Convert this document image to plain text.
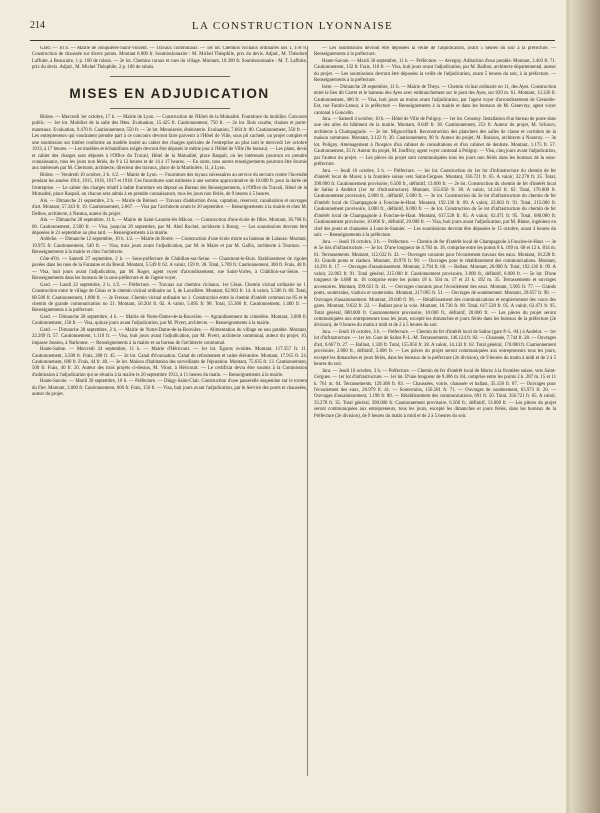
214	LA CONSTRUCTION LYONNAISE

Gard. — 10 h. — Mairie de Jonquières-Saint-Vincent. — Travaux communaux. — 1er lot. Chemins vicinaux ordinaires nos 1, 4 et 8. Construction de chaussée sur divers points. Montant 6.800 fr. Soumissionnaire : M. Michel Théophile, prix du devis. Adjud., M. Théodore Laffuite, à Beaucaire, 1 p. 100 de rabais. — 2e lot. Chemins ruraux et rues du village. Montant, 10.300 fr. Soumissionnaire : M. T. Laffuite, prix du devis. Adjud., M. Michel Théophile, 2 p. 100 de rabais.

MISES EN ADJUDICATION

Rhône. — Mercredi 1er octobre, 17 h. — Mairie de Lyon. — Construction de l'Hôtel de la Mutualité. Fourniture du mobilier. Concours public. — 1er lot. Mobilier de la salle des fêtes. Evaluation, 15.425 fr. Cautionnement, 750 fr. — 2e lot. Bois courbe, chaises et porte-manteaux. Evaluation, 9.470 fr. Cautionnement, 550 fr. — 3e lot. Menuiserie, ébénisterie. Evaluation, 7.664 fr. 80. Cautionnement, 350 fr. — Les entrepreneurs qui voudraient prendre part à ce concours devront faire parvenir à l'Hôtel de Ville, sous pli cacheté, un projet complet et une soumission sur timbre conforme au modèle inséré au cahier des charges spéciales de l'entreprise au plus tard le mercredi 1er octobre 1913, à 17 heures. — Les modèles et échantillons exigés devront être déposés le même jour à l'Hôtel de Ville (6e bureau). — Les plans, devis et cahier des charges sont déposés à l'Office du Travail, Hôtel de la Mutualité, place Raspail, où les intéressés pourront en prendre connaissance, tous les jours non fériés, de 9 à 12 heures et de 14 à 17 heures. — En outre, tous autres renseignements pourront être fournis aux intéressés par M. Clermont, architecte, directeur des travaux, place de la Martinière, 11, à Lyon.

Rhône. — Vendredi 10 octobre, 2 h. 1/2. — Mairie de Lyon. — Fourniture des tuyaux nécessaires au service du secours contre l'incendie pendant les années 1914, 1915, 1916, 1917 et 1918. Ces fournitures sont estimées à une somme approximative de 10.000 fr. pour la durée de l'entreprise. — Le cahier des charges relatif à ladite fourniture est déposé au Bureau des Renseignements, à l'Office du Travail, Hôtel de la Mutualité, place Raspail, on chacun sera admis à en prendre connaissance, tous les jours non fériés, de 9 heures à 5 heures.

Ain. — Dimanche 21 septembre, 2 h. — Mairie de Brénod. — Travaux d'adduction d'eau, captation, réservoir, canalisation et ouvrages d'art. Montant, 57.343 fr. 19. Cautionnement, 2.867. — Visa par l'architecte avant le 20 septembre. — Renseignements à la mairie et chez M. Delbos, architecte, à Nantua, auteur du projet.

Ain. — Dimanche 28 septembre, 11 h. — Mairie de Saint-Laurent-lès-Mâcon. — Construction d'une école de filles. Montant, 36.768 fr. 66. Cautionnement, 2.500 fr. — Visa, jusqu'au 20 septembre, par M. Abel Rochet, architecte à Bourg. — Les soumissions devront être déposées le 21 septembre au plus tard. — Renseignements à la mairie.

Ardèche. — Dimanche 12 septembre, 10 h. 1/2. — Mairie de Borée. — Construction d'une école mixte au hameau de Lalauze. Montant, 19.975 fr. Cautionnement, 540 fr. — Visa, trois jours avant l'adjudication, par M. le Maire et par M. Gallix, architecte à Tournon. — Renseignements à la mairie et chez l'architecte.

Côte-d'Or. — Samedi 27 septembre, 2 h. — Sous-préfecture de Châtillon-sur-Seine. — Chaumont-le-Bois. Etablissement de rigoles pavées dans les rues de la Fontaine et du Breuil. Montant, 5.549 fr 62. A valoir, 159 fr. 38. Total, 5.709 fr. Cautionnement, 300 fr. Frais, 48 fr. — Visa, huit jours avant l'adjudication, par M. Roger, agent voyer d'arrondissement, rue Saint-Vorles, à Châtillon-sur-Seine. — Renseignements dans les bureaux de la sous-préfecture et de l'agent-voyer.

Gard. — Lundi 22 septembre, 2 h. 1/2. — Préfecture. — Travaux sur chemins vicinaux. 1er Césas. Chemin vicinal ordinaire no 1. Construction entre le village de Césas et le chemin vicinal ordinaire no 3, de Lavaillère. Montant, 62.963 fr. 14. A valoir, 5.506 fr. 86. Total, 68.500 fr. Cautionnement, 1.800 fr. — 2e Fressac. Chemin vicinal ordinaire no 1. Construction entre la chemin d'intérêt commun no 85 et le chemin de grande communication no 21. Montant, 50.204 fr. 02. A valoir, 5.095 fr. 98. Total, 55.300 fr. Cautionnement, 1.400 fr. — Renseignements à la préfecture.

Gard. — Dimanche 28 septembre, 4 h. — Mairie de Notre-Dame-de-la-Rouvière. — Agrandissement du cimetière. Montant, 3.000 fr. Cautionnement, 150 fr. — Visa, quinze jours avant l'adjudication, par M. Pivert, architecte. — Renseignements à la mairie.

Gard. — Dimanche 28 septembre, 2 h. — Mairie de Notre-Dame-de-la-Rouvière. — Alimentation du village en eau potable. Montant, 22.269 fr. 57. Cautionnement, 1.110 fr. — Visa, huit jours avant l'adjudication, par M. Pivert, architecte communal, auteur du projet, 10, impasse Jussieu, à Narbonne. — Renseignements à la mairie et au bureau de l'architecte communal.

Haute-Saône. — Mercredi 24 septembre, 11 h. — Mairie d'Héricourt. — 1er lot. Egouts ovoïdes. Montant, 117.357 fr. 11. Cautionnement, 3.500 fr. Frais, 268 fr. 45. — 2e lot. Canal d'évacuation. Canal de refoulement et usine élévatoire. Montant, 17.915 fr. 24. Cautionnement, 600 fr. Frais, 44 fr. 40. — 3e lot. Maison d'habitation des surveillants de l'épuration. Montant, 75.635 fr. 13. Cautionnement, 500 fr. Frais, 40 fr. 20. Auteur des trois projets ci-dessus, M. Vinot, à Héricourt. — Le certificat devra être soumis à la Commission d'admission à l'adjudication qui se réunira à la mairie le 20 septembre 1913, à 11 heures du matin. — Renseignements à la mairie.

Haute-Savoie. — Mardi 30 septembre, 10 h. — Préfecture. — Dingy-Saint-Clair. Construction d'une passerelle suspendue sur le torrent du Fier. Montant, 3.000 fr. Cautionnement, 600 fr. Frais, 150 fr. — Visa, huit jours avant l'adjudication, par le Service des ponts et chaussées, auteur du projet.

— Les soumissions devront être déposées la veille de l'adjudication, avant 5 heures du soir à la préfecture. — Renseignements à la préfecture.

Haute-Savoie. — Mardi 30 septembre, 11 h. — Préfecture. — Avregny. Adduction d'eau potable. Montant, 3.403 fr. 71. Cautionnement, 132 fr. Frais, 110 fr. — Visa, huit jours avant l'adjudication, par M. Baillon, architecte départemental, auteur du projet. — Les soumissions devront être déposées la veille de l'adjudication, avant 5 heures du soir, à la préfecture. — Renseignements à la préfecture.

Isère. — Dimanche 28 septembre, 11 h. — Mairie de Theys. — Chemin vicinal ordinaire no 11, des Ayes. Construction entre le lieu dit Carret et le hameau des Ayes avec embranchement sur le pont des Ayes, sur 829 m. 61. Montant, 13.330 fr. Cautionnement, 400 fr. — Visa, huit jours au moins avant l'adjudication, par l'agent voyer d'arrondissement de Grenoble-Est, rue Fantin-Latour, à la préfecture — Renseignements à la mairie et dans les bureaux de M. Genevray, agent voyer cantonal à Goncelin.

Jura. — Samedi 4 octobre, 10 h. — Hôtel de Ville de Poligny. — 1er lot. Grozeuy. Installation d'un bureau de poste dans une des ailes du bâtiment de la mairie. Montant, 8.049 fr. 38. Cautionnement, 253 fr. Auteur du projet, M. Schiavo, architecte à Champagnole. — 2e lot. Mignovillard. Reconstruction des planchers des salles de classe et corridors de la maison commune. Montant, 3.122 fr. 30. Cautionnement, 90 fr. Auteur du projet, M. Boisson, architecte à Nozeroy. — 3e lot. Poligny. Aménagement à l'hospice d'un cabinet de consultations et d'un cabinet de dentiste. Montant, 1.175 fr. 57. Cautionnement, 35 fr. Auteur du projet, M. Jouffroy, agent voyer cantonal à Poligny. — Visa, cinq jours avant l'adjudication, par l'auteur du projet. — Les pièces du projet sont communiquées tous les jours non fériés dans les bureaux de la sous-préfecture.

Jura. — Jeudi 16 octobre, 3 h. — Préfecture. — 1er lot. Construction du 1er lot d'infrastructure du chemin de fer d'intérêt local de Morez à la frontière suisse vers Saint-Cergues. Montant, 356.721 fr. 65. A valoir, 32.278 fr. 35. Total, 390.000 fr. Cautionnement provisoire, 6.500 fr., définitif, 13.000 fr. — 2e lot. Construction du chemin de fer d'intérêt local de Salins à Andelot (1er lot d'infrastructure). Montant, 155.856 fr. 38. A valoir, 14.143 fr. 62. Total, 170.000 fr. Cautionnement provisoire, 2.800 fr., définitif, 5.600 fr. — 3e lot. Construction du 2e lot d'infrastructure du chemin de fer d'intérêt local de Champagnole à Foncine-le-Haut. Montant, 192.136 fr. 09. A valoir, 22.863 fr. 91. Total, 215.000 fr. Cautionnement provisoire, 3.000 fr., définitif, 6.000 fr. — 4e lot. Construction du 5e lot d'infrastructure du chemin de fer d'intérêt local de Champagnole à Foncine-le-Haut. Montant, 617.528 fr. 05. A valoir, 62.471 fr. 95. Total, 680.000 fr. Cautionnement provisoire, 10.000 fr., définitif, 20.000 fr. — Visa, huit jours avant l'adjudication, par M. Blaise, ingénieur en chef des ponts et chaussées à Lons-le-Saunier. — Les soumissions devront être déposées le 15 octobre, avant 4 heures du soir. — Renseignements à la préfecture.

Jura. — Jeudi 16 octobre, 3 h. — Préfecture. — Chemin de fer d'intérêt local de Champagnole à Foncine-le-Haut. — 3e et 5e lots d'infrastructure. — 3e lot. D'une longueur de 4.783 m. 18, comprise entre les points 8 k. 169 m. 68 et 12 k. 814 m. 01. Terrassements. Montant, 112.632 fr. 32. — Ouvrages courants pour l'écoulement travaux des eaux. Montant, 16.228 fr. 10. Grands ponts et viaducs. Montant, 16.976 fr. 90. — Ouvrages pour le rétablissement des communications. Montant, 14.291 fr. 17. — Ouvrages d'assainissement. Montant, 2.794 fr. 60. — Ballast. Montant, 20.000 fr. Total, 192.136 fr. 09. A valoir, 22.863 fr. 91. Total général, 215.000 fr. Cautionnement provisoire, 3.000 fr., définitif, 6.000 fr. — 5e lot. D'une longueur de 4.688 m. 18 comprise entre les points 18 k. 504 m. 17 et 23 k. 192 m. 35. Terrassements et ouvrages accessoires. Montant, 399.651 fr. 41. — Ouvrages courants pour l'écoulement des eaux. Montant, 5.905 fr. 77. — Grands ponts, souterrains, viaducs et souterrains. Montant, 217.005 fr. 51. — Ouvrages de soutènement. Montant, 26.657 fr. 90. — Ouvrages d'assainissement. Montant, 20.840 fr. 96. — Rétablissement des communications et empierrement des cours des gares. Montant, 9.632 fr. 22. — Ballast pour la voie. Montant, 16.736 fr. 08. Total, 617.528 fr. 05. A valoir, 62.471 fr. 95. Total général, 680.000 fr. Cautionnement provisoire, 10.000 fr., définitif, 20.000 fr. — Les pièces du projet seront communiquées aux entrepreneurs tous les jours, excepté les dimanches et jours fériés dans les bureaux de la préfecture (2e division), de 9 heures du matin à midi et de 2 à 5 heures du soir.

Jura. — Jeudi 16 octobre, 3 h. — Préfecture. — Chemin de fer d'intérêt local de Salins (gare P.-L.-M.) à Andelot. — 1er lot d'infrastructure. — 1er lot. Gare de Salins P.-L.-M. Terrassements, 146.124 fr. 83. — Chaussée, 7.744 fr. 28. — Ouvrages d'art, 6.667 fr. 27. — Ballast, 1.320 fr. Total, 155.856 fr. 38. A valoir, 14.143 fr. 62. Total général, 170.000 fr. Cautionnement provisoire, 2.800 fr., définitif, 5.600 fr. — Les pièces du projet seront communiquées aux entrepreneurs tous les jours, excepté les dimanches et jours fériés, dans les bureaux de la préfecture (2e division), de 9 heures du matin à midi et de 2 à 5 heures du soir.

Jura. — Jeudi 16 octobre, 3 h. — Préfecture. — Chemin de fer d'intérêt local de Morez à la frontière suisse, vers Saint-Cergues. — 1er lot d'infrastructure. — 1er lot. D'une longueur de 9.486 m. 84, comprise entre les points 2 k. 287 m. 15 et 11 k. 761 m. 64. Terrassements, 129.368 fr. 83. — Chaussées, voirie, chaussée et ballast, 35.158 fr. 07. — Ouvrages pour l'écoulement des eaux, 20.979 fr. 41. — Souterrains, 150.581 fr. 71. — Ouvrages de soutènement, 63.973 fr. 20. — Ouvrages d'assainissement, 1.198 fr. 80. — Rétablissement des communications, 691 fr. 50. Total, 356.721 fr. 65. A valoir, 33.278 fr. 35. Total général, 390.000 fr. Cautionnement provisoire, 6.500 fr., définitif, 13.000 fr. — Les pièces du projet seront communiquées aux entrepreneurs, tous les jours, excepté les dimanches et jours fériés, dans les bureaux de la Préfecture (2e division), de 9 heures du matin à midi et de 2 à 5 heures du soir.
